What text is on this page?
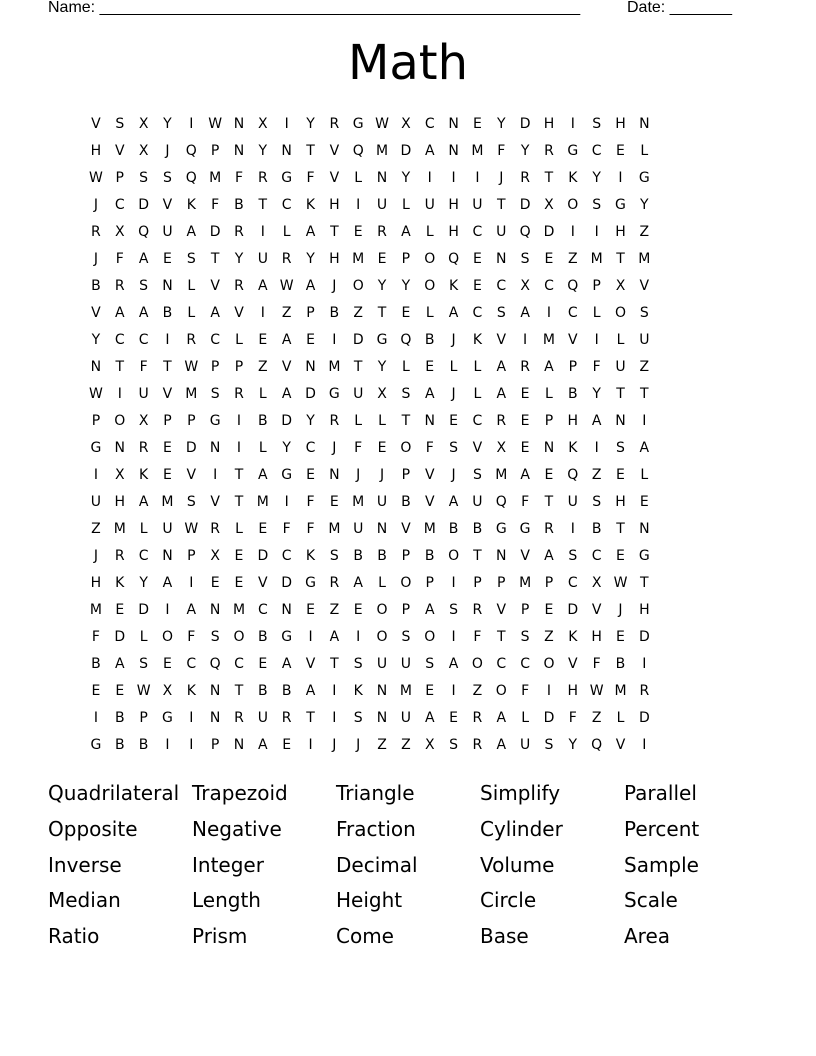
Name: ______________________________________________________	Date: _______
Math
V	S	X	Y	I	W N X	I	Y	R G W X	C N	E	Y	D H	I	S	H N
H V	X	J	Q	P	N	Y	N	T	V Q M D A N M F	Y	R G C	E	L
W P	S	S Q M F	R G	F	V	L	N	Y	I	I	I	J	R	T	K	Y	I	G
J	C D V	K	F	B	T	C	K H	I	U	L	U H U	T	D X O S G	Y
R	X Q U A D R	I	L	A	T	E	R	A	L	H C U Q D	I	I	H Z
J	F	A	E	S	T	Y	U R	Y	H M E	P	O Q E	N	S	E	Z M T M
B	R	S	N	L	V	R	A W A	J	O	Y	Y	O K	E	C	X	C Q	P	X	V
V	A	A	B	L	A	V	I	Z	P	B	Z	T	E	L	A	C	S	A	I	C	L	O S
Y	C	C	I	R	C	L	E	A	E	I	D G Q B	J	K	V	I	M V	I	L	U
N	T	F	T W P	P	Z	V N M T	Y	L	E	L	L	A	R	A	P	F	U Z
W	I	U V M S	R	L	A D G U X	S	A	J	L	A	E	L	B	Y	T	T
P	O X	P	P	G	I	B D	Y	R	L	L	T	N	E	C	R	E	P	H A N	I
G N R	E	D N	I	L	Y	C	J	F	E O	F	S	V	X	E	N	K	I	S	A
I	X	K	E	V	I	T	A G E	N	J	J	P	V	J	S M A	E Q Z	E	L
U H A M S	V	T M	I	F	E M U B	V	A U Q	F	T	U	S	H	E
Z M L	U W R	L	E	F	F M U N V M B	B G G R	I	B	T	N
J	R	C N	P	X	E	D C	K	S	B	B	P	B O	T	N V	A	S	C	E G
H K	Y	A	I	E	E	V D G R	A	L	O	P	I	P	P M P	C	X W T
M E	D	I	A N M C N	E	Z	E O	P	A	S	R	V	P	E	D V	J	H
F	D	L	O	F	S O B G	I	A	I	O S O	I	F	T	S	Z	K H	E	D
B	A	S	E	C Q C	E	A	V	T	S	U U	S	A O C	C O V	F	B	I
E	E W X	K	N	T	B	B	A	I	K	N M E	I	Z O	F	I	H W M R
I	B	P	G	I	N R U R	T	I	S	N U A	E	R	A	L	D	F	Z	L	D
G B	B	I	I	P	N A	E	I	J	J	Z	Z	X	S	R	A U	S	Y	Q V	I
Quadrilateral Trapezoid	Triangle	Simplify	Parallel
Opposite	Negative	Fraction	Cylinder	Percent
Inverse	Integer	Decimal	Volume	Sample
Median	Length	Height	Circle	Scale
Ratio	Prism	Come	Base	Area
